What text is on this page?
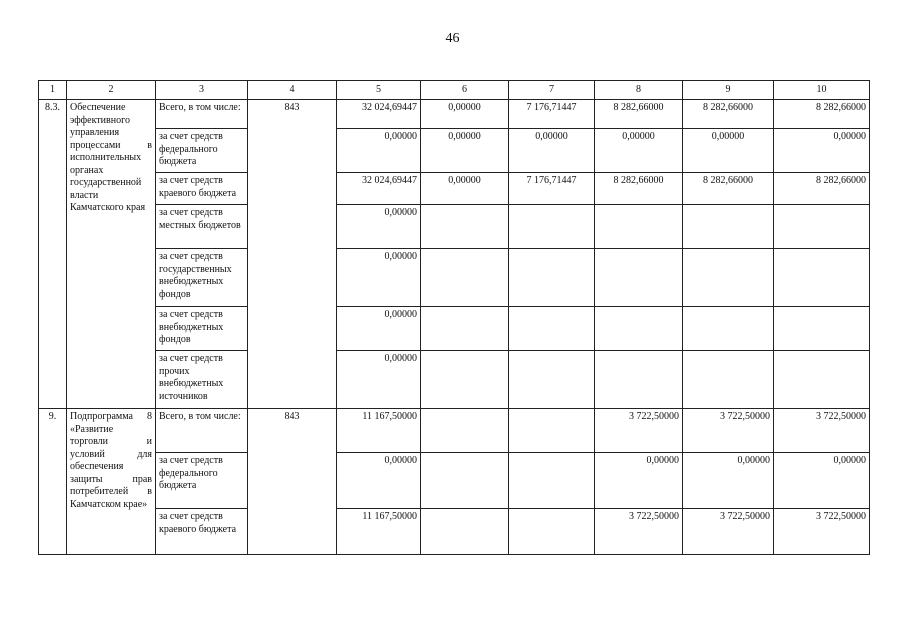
46
1	2	3	4	5	6	7	8	9	10
8.3.	Обеспечение эффективного управления процессами в исполнительных органах государственной власти Камчатского края	Всего, в том числе:	843	32 024,69447	0,00000	7 176,71447	8 282,66000	8 282,66000	8 282,66000
		за счет средств федерального бюджета		0,00000	0,00000	0,00000	0,00000	0,00000	0,00000
		за счет средств краевого бюджета		32 024,69447	0,00000	7 176,71447	8 282,66000	8 282,66000	8 282,66000
		за счет средств местных бюджетов		0,00000					
		за счет средств государственных внебюджетных фондов		0,00000					
		за счет средств внебюджетных фондов		0,00000					
		за счет средств прочих внебюджетных источников		0,00000					
9.	Подпрограмма 8 «Развитие торговли и условий для обеспечения защиты прав потребителей в Камчатском крае»	Всего, в том числе:	843	11 167,50000			3 722,50000	3 722,50000	3 722,50000
		за счет средств федерального бюджета		0,00000			0,00000	0,00000	0,00000
		за счет средств краевого бюджета		11 167,50000			3 722,50000	3 722,50000	3 722,50000
